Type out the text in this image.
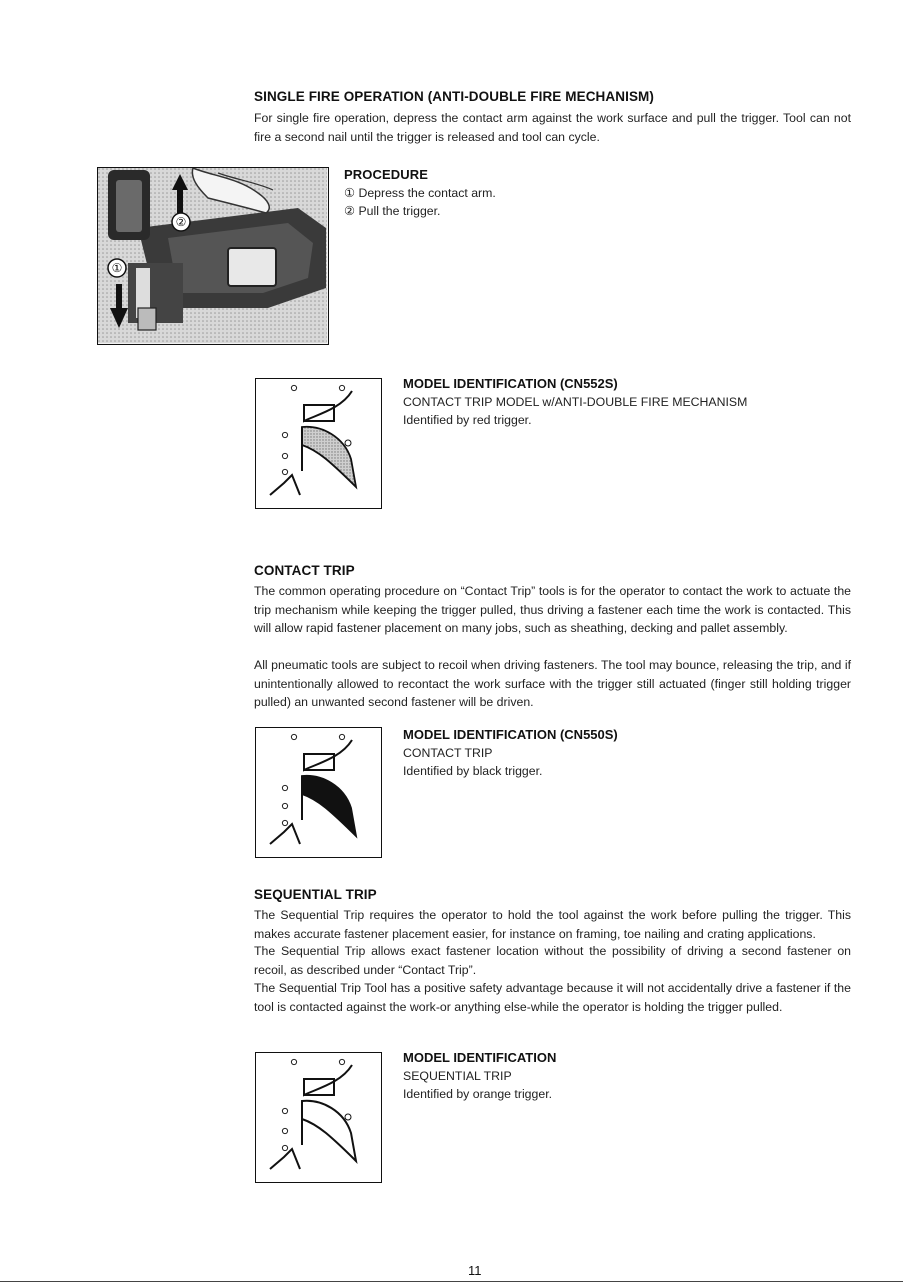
SINGLE FIRE OPERATION (ANTI-DOUBLE FIRE MECHANISM)

For single fire operation, depress the contact arm against the work surface and pull the trigger. Tool can not fire a second nail until the trigger is released and tool can cycle.

②
①
PROCEDURE
① Depress the contact arm.
② Pull the trigger.
MODEL IDENTIFICATION (CN552S)
CONTACT TRIP MODEL w/ANTI-DOUBLE FIRE MECHANISM
Identified by red trigger.
CONTACT TRIP

The common operating procedure on “Contact Trip” tools is for the operator to contact the work to actuate the trip mechanism while keeping the trigger pulled, thus driving a fastener each time the work is contacted. This will allow rapid fastener placement on many jobs, such as sheathing, decking and pallet assembly.

All pneumatic tools are subject to recoil when driving fasteners. The tool may bounce, releasing the trip, and if unintentionally allowed to recontact the work surface with the trigger still actuated (finger still holding trigger pulled) an unwanted second fastener will be driven.

MODEL IDENTIFICATION (CN550S)
CONTACT TRIP
Identified by black trigger.
SEQUENTIAL TRIP

The Sequential Trip requires the operator to hold the tool against the work before pulling the trigger. This makes accurate fastener placement easier, for instance on framing, toe nailing and crating applications.

The Sequential Trip allows exact fastener location without the possibility of driving a second fastener on recoil, as described under “Contact Trip”.

The Sequential Trip Tool has a positive safety advantage because it will not accidentally drive a fastener if the tool is contacted against the work-or anything else-while the operator is holding the trigger pulled.

MODEL IDENTIFICATION
SEQUENTIAL TRIP
Identified by orange trigger.
11
